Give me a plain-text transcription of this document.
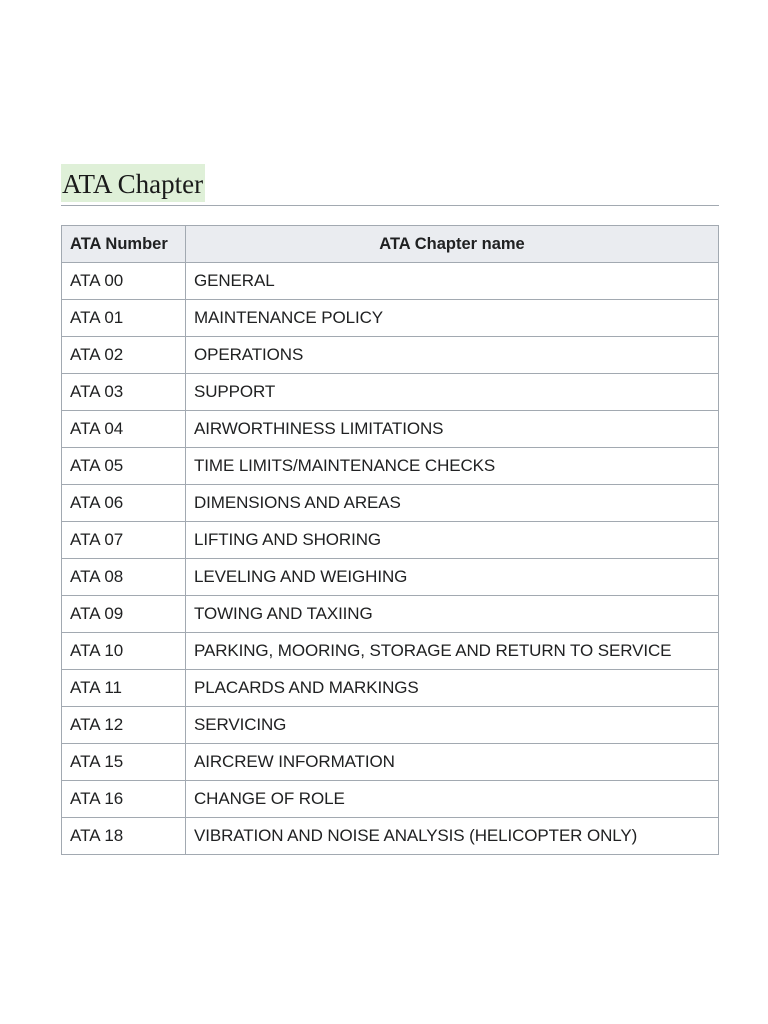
ATA Chapter
ATA Number	ATA Chapter name
ATA 00	GENERAL
ATA 01	MAINTENANCE POLICY
ATA 02	OPERATIONS
ATA 03	SUPPORT
ATA 04	AIRWORTHINESS LIMITATIONS
ATA 05	TIME LIMITS/MAINTENANCE CHECKS
ATA 06	DIMENSIONS AND AREAS
ATA 07	LIFTING AND SHORING
ATA 08	LEVELING AND WEIGHING
ATA 09	TOWING AND TAXIING
ATA 10	PARKING, MOORING, STORAGE AND RETURN TO SERVICE
ATA 11	PLACARDS AND MARKINGS
ATA 12	SERVICING
ATA 15	AIRCREW INFORMATION
ATA 16	CHANGE OF ROLE
ATA 18	VIBRATION AND NOISE ANALYSIS (HELICOPTER ONLY)
